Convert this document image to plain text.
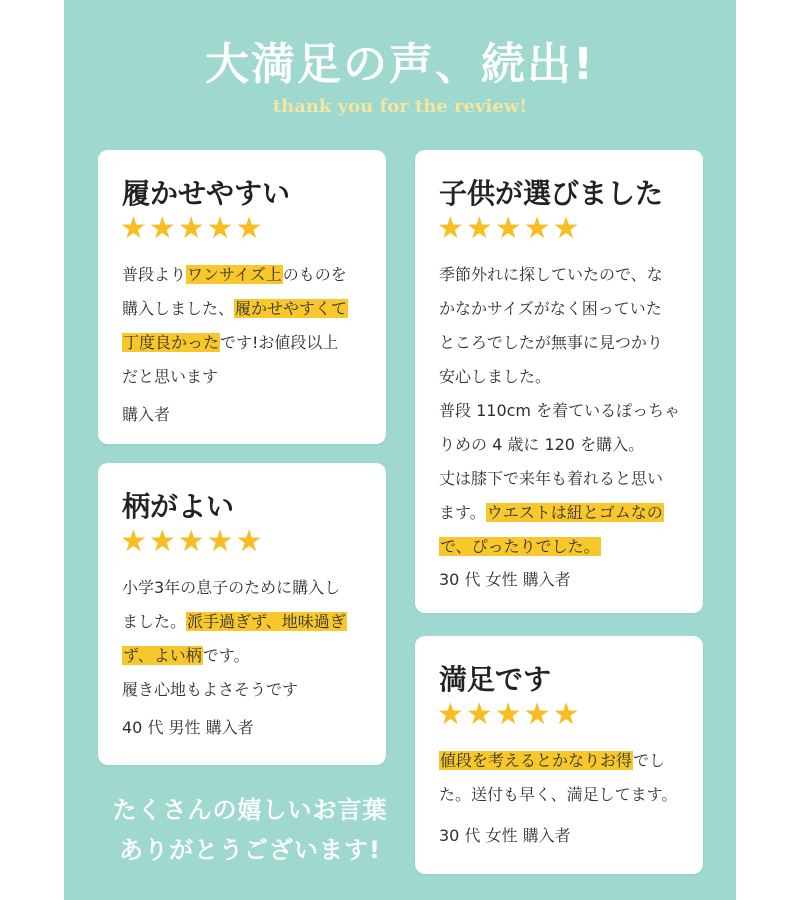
大満足の声、続出!
thank you for the review!
履かせやすい
★★★★★
普段よりワンサイズ上のものを
購入しました、履かせやすくて
丁度良かったです!お値段以上
だと思います
購入者
柄がよい
★★★★★
小学3年の息子のために購入し
ました。派手過ぎず、地味過ぎ
ず、よい柄です。
履き心地もよさそうです
40 代 男性 購入者
子供が選びました
★★★★★
季節外れに探していたので、な
かなかサイズがなく困っていた
ところでしたが無事に見つかり
安心しました。
普段 110cm を着ているぽっちゃ
りめの 4 歳に 120 を購入。
丈は膝下で来年も着れると思い
ます。ウエストは紐とゴムなの
で、ぴったりでした。
30 代 女性 購入者
満足です
★★★★★
値段を考えるとかなりお得でし
た。送付も早く、満足してます。
30 代 女性 購入者
たくさんの嬉しいお言葉
ありがとうございます!
